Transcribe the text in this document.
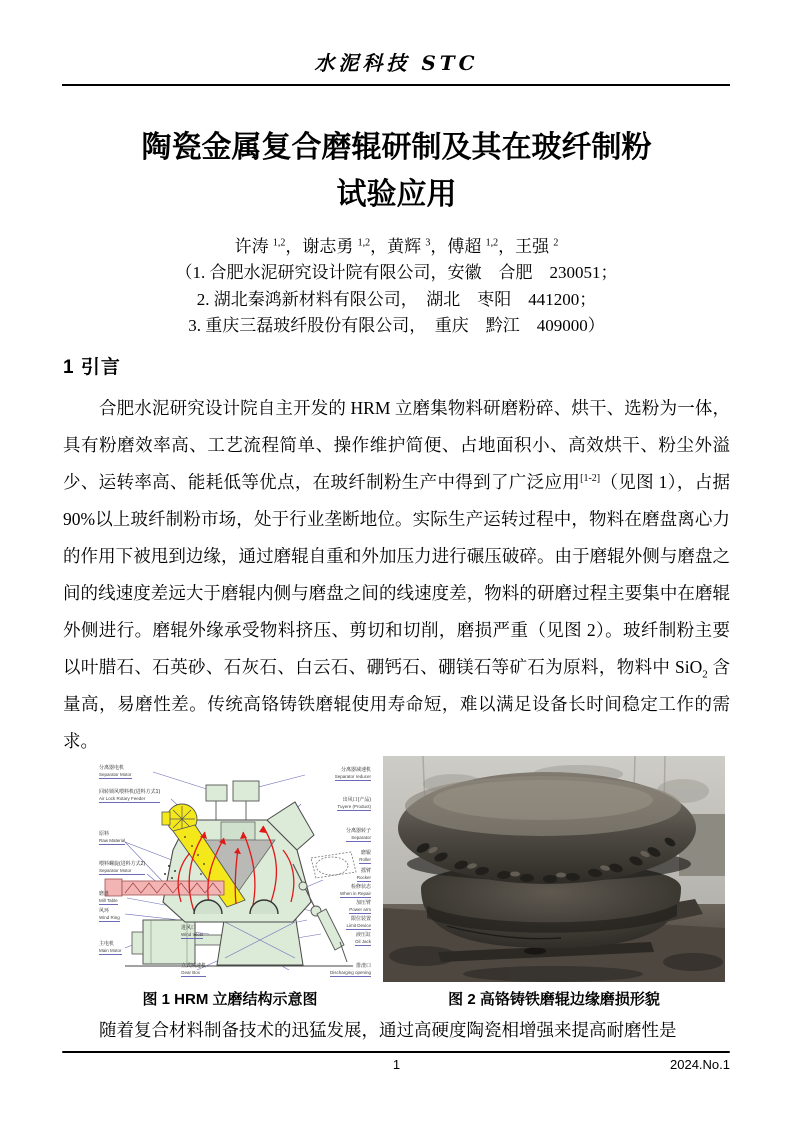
水泥科技 STC
陶瓷金属复合磨辊研制及其在玻纤制粉
试验应用
许涛 $^{1,2}$，谢志勇 $^{1,2}$，黄辉 $^3$，傅超 $^{1,2}$，王强 $^2$
（1. 合肥水泥研究设计院有限公司，安徽　合肥　230051；
2. 湖北秦鸿新材料有限公司，　湖北　枣阳　441200；
3. 重庆三磊玻纤股份有限公司，　重庆　黔江　409000）
1 引言
合肥水泥研究设计院自主开发的 HRM 立磨集物料研磨粉碎、烘干、选粉为一体，具有粉磨效率高、工艺流程简单、操作维护简便、占地面积小、高效烘干、粉尘外溢少、运转率高、能耗低等优点，在玻纤制粉生产中得到了广泛应用[1-2]（见图 1），占据 90%以上玻纤制粉市场，处于行业垄断地位。实际生产运转过程中，物料在磨盘离心力的作用下被甩到边缘，通过磨辊自重和外加压力进行碾压破碎。由于磨辊外侧与磨盘之间的线速度差远大于磨辊内侧与磨盘之间的线速度差，物料的研磨过程主要集中在磨辊外侧进行。磨辊外缘承受物料挤压、剪切和切削，磨损严重（见图 2）。玻纤制粉主要以叶腊石、石英砂、石灰石、白云石、硼钙石、硼镁石等矿石为原料，物料中 SiO$_2$ 含量高，易磨性差。传统高铬铸铁磨辊使用寿命短，难以满足设备长时间稳定工作的需求。
分离器电机
Separator Motor
回转锁风喂料机(进料方式1)
Air Lock Rotary Feeder
原料
Raw Material
喂料螺旋(进料方式2)
Separator Motor
磨盘
Mill Table
风环
Wind Ring
进风口
Wind Inlets
主电机
Main Motor
立式减速机
Gear Box
分离器减速机
Separator reducer
出风口(产品)
Tuyere (Product)
分离器转子
Separator
磨辊
Roller
摇臂
Rocker
检修状态
When in Repair
加压臂
Power arm
限位装置
Limit Device
液压缸
Oil Jack
排渣口
Discharging opening
图 1 HRM 立磨结构示意图	图 2 高铬铸铁磨辊边缘磨损形貌
随着复合材料制备技术的迅猛发展，通过高硬度陶瓷相增强来提高耐磨性是
1	2024.No.1
